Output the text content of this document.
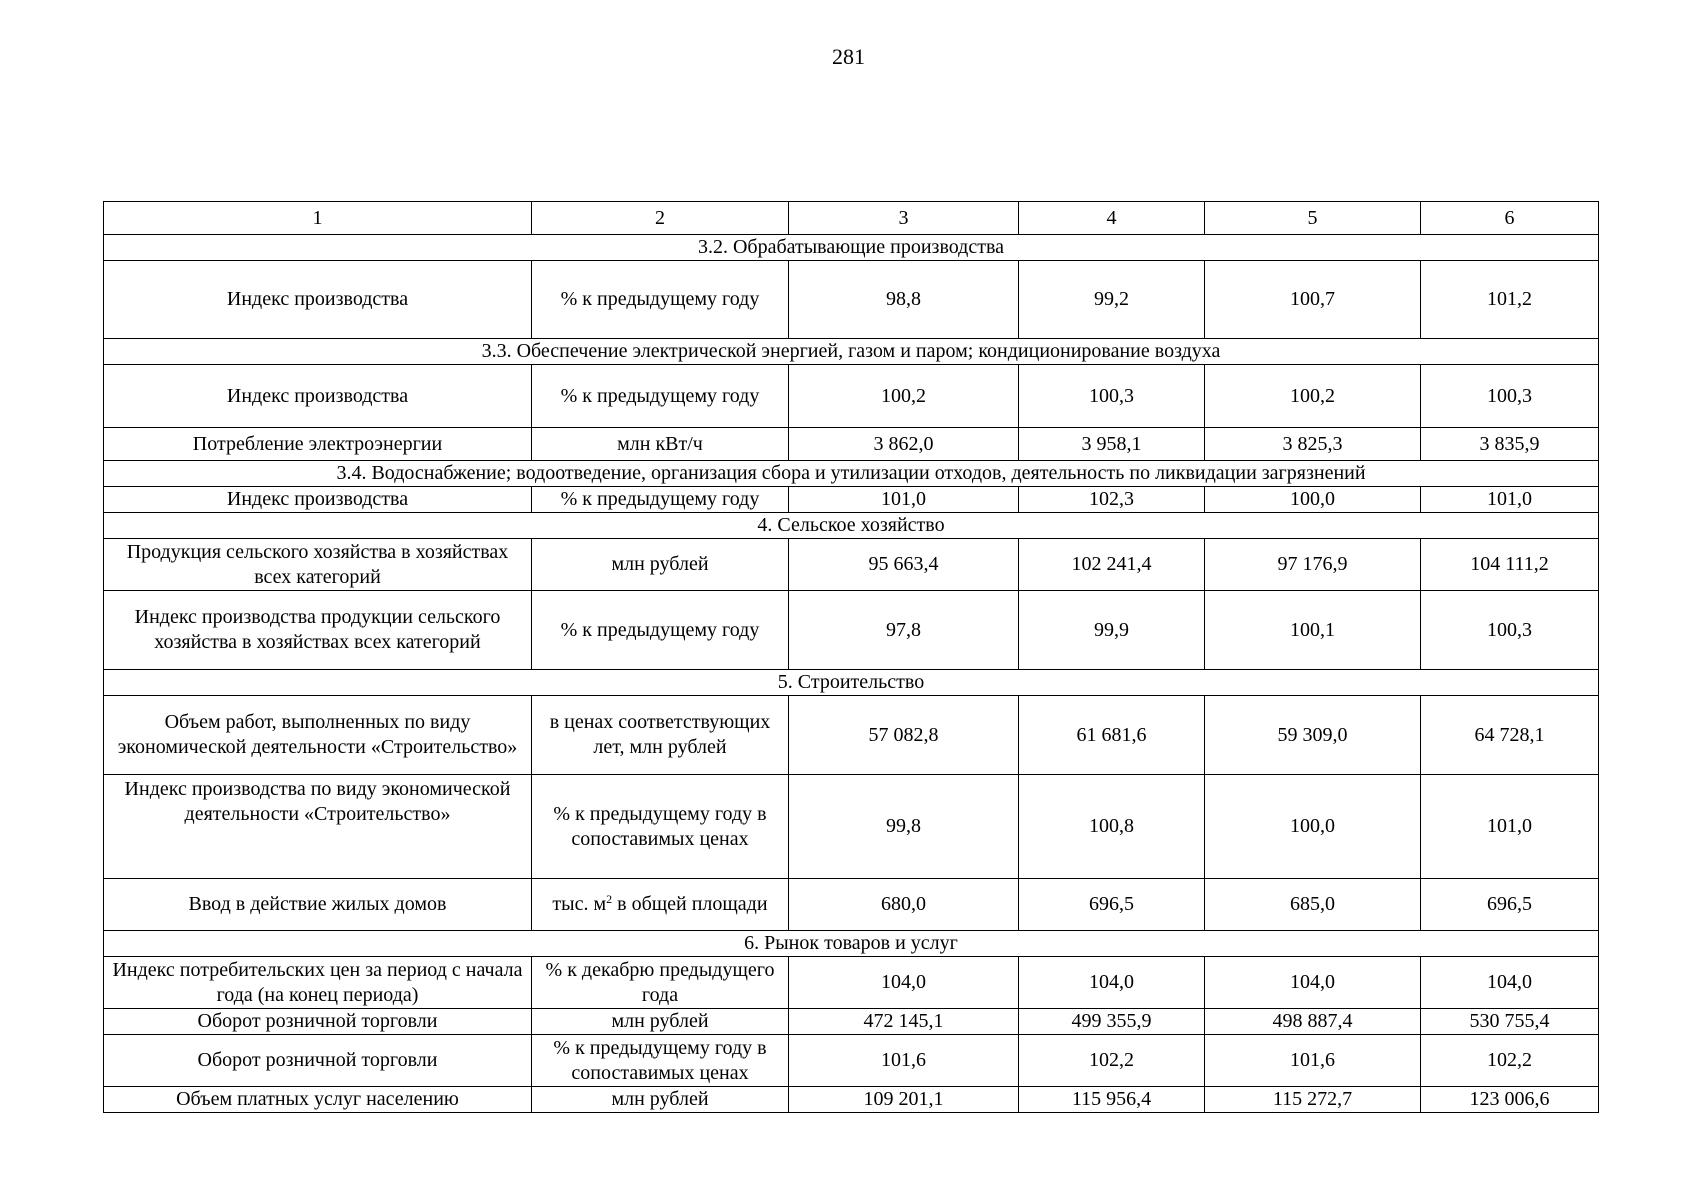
281
1	2	3	4	5	6
3.2. Обрабатывающие производства					
Индекс производства	% к предыдущему году	98,8	99,2	100,7	101,2
3.3. Обеспечение электрической энергией, газом и паром; кондиционирование воздуха					
Индекс производства	% к предыдущему году	100,2	100,3	100,2	100,3
Потребление электроэнергии	млн кВт/ч	3 862,0	3 958,1	3 825,3	3 835,9
3.4. Водоснабжение; водоотведение, организация сбора и утилизации отходов, деятельность по ликвидации загрязнений					
Индекс производства	% к предыдущему году	101,0	102,3	100,0	101,0
4. Сельское хозяйство					
Продукция сельского хозяйства в хозяйствах всех категорий	млн рублей	95 663,4	102 241,4	97 176,9	104 111,2
Индекс производства продукции сельского хозяйства в хозяйствах всех категорий	% к предыдущему году	97,8	99,9	100,1	100,3
5. Строительство					
Объем работ, выполненных по виду экономической деятельности «Строительство»	в ценах соответствующих лет, млн рублей	57 082,8	61 681,6	59 309,0	64 728,1
Индекс производства по виду экономической деятельности «Строительство»	% к предыдущему году в сопоставимых ценах	99,8	100,8	100,0	101,0
Ввод в действие жилых домов	тыс. $м^2$ в общей площади	680,0	696,5	685,0	696,5
6. Рынок товаров и услуг					
Индекс потребительских цен за период с начала года (на конец периода)	% к декабрю предыдущего года	104,0	104,0	104,0	104,0
Оборот розничной торговли	млн рублей	472 145,1	499 355,9	498 887,4	530 755,4
Оборот розничной торговли	% к предыдущему году в сопоставимых ценах	101,6	102,2	101,6	102,2
Объем платных услуг населению	млн рублей	109 201,1	115 956,4	115 272,7	123 006,6
